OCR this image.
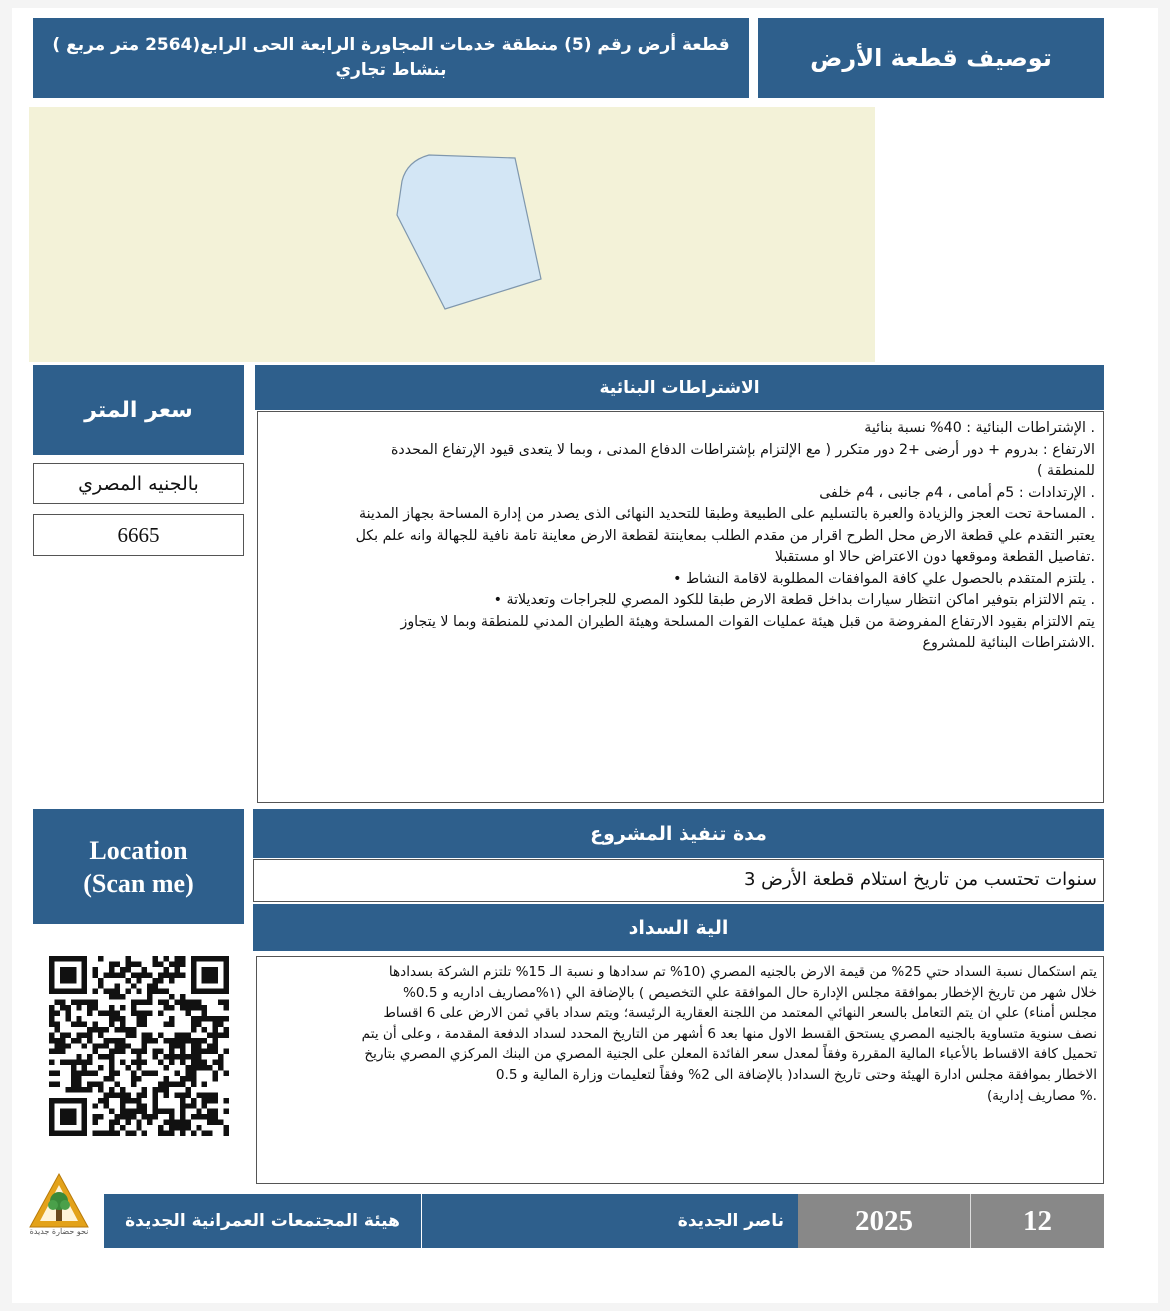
توصيف قطعة الأرض
قطعة أرض رقم (5) منطقة خدمات المجاورة الرابعة الحى الرابع(2564 متر مربع )
بنشاط تجاري
سعر المتر
بالجنيه المصري
6665
الاشتراطات البنائية
. الإشتراطات البنائية : 40% نسبة بنائية
الارتفاع : بدروم + دور أرضى +2 دور متكرر ( مع الإلتزام بإشتراطات الدفاع المدنى ، وبما لا يتعدى قيود الإرتفاع المحددة
للمنطقة )
. الإرتدادات : 5م أمامى ، 4م جانبى ، 4م خلفى
. المساحة تحت العجز والزيادة والعبرة بالتسليم على الطبيعة وطبقا للتحديد النهائى الذى يصدر من إدارة المساحة بجهاز المدينة
يعتبر التقدم علي قطعة الارض محل الطرح اقرار من مقدم الطلب بمعاينتة لقطعة الارض معاينة تامة نافية للجهالة وانه علم بكل
.تفاصيل القطعة وموقعها دون الاعتراض حالا او مستقبلا
. يلتزم المتقدم بالحصول علي كافة الموافقات المطلوبة لاقامة النشاط •
. يتم الالتزام بتوفير اماكن انتظار سيارات بداخل قطعة الارض طبقا للكود المصري للجراجات وتعديلاتة •
يتم الالتزام بقيود الارتفاع المفروضة من قبل هيئة عمليات القوات المسلحة وهيئة الطيران المدني للمنطقة وبما لا يتجاوز
.الاشتراطات البنائية للمشروع
Location
(Scan me)
مدة تنفيذ المشروع
سنوات تحتسب من تاريخ استلام قطعة الأرض 3
الية السداد
يتم استكمال نسبة السداد حتي 25% من قيمة الارض بالجنيه المصري (10% تم سدادها و نسبة الـ 15% تلتزم الشركة بسدادها
خلال شهر من تاريخ الإخطار بموافقة مجلس الإدارة حال الموافقة علي التخصيص ) بالإضافة الي (١%مصاريف اداريه و 0.5%
مجلس أمناء) علي ان يتم التعامل بالسعر النهائي المعتمد من اللجنة العقارية الرئيسة؛ ويتم سداد باقي ثمن الارض على 6 اقساط
نصف سنوية متساوية بالجنيه المصري يستحق القسط الاول منها بعد 6 أشهر من التاريخ المحدد لسداد الدفعة المقدمة ، وعلى أن يتم
تحميل كافة الاقساط بالأعباء المالية المقررة وفقاً لمعدل سعر الفائدة المعلن على الجنية المصري من البنك المركزي المصري بتاريخ
الاخطار بموافقة مجلس ادارة الهيئة وحتى تاريخ السداد( بالإضافة الى 2% وفقاً لتعليمات وزارة المالية و 0.5
.% مصاريف إدارية)
نحو حضارة جديدة
هيئة المجتمعات العمرانية الجديدة	ناصر الجديدة 2025	12
